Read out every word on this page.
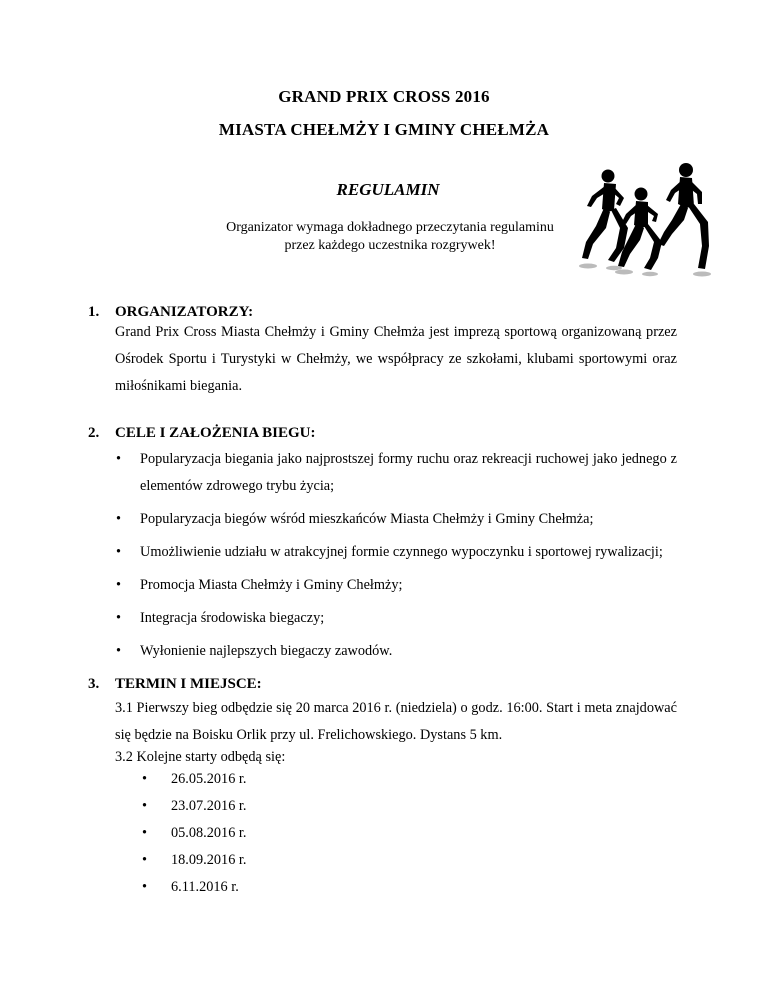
GRAND PRIX CROSS 2016
MIASTA CHEŁMŻY I GMINY CHEŁMŻA
REGULAMIN
Organizator wymaga dokładnego przeczytania regulaminu
przez każdego uczestnika rozgrywek!
1. ORGANIZATORZY:
Grand Prix Cross Miasta Chełmży i Gminy Chełmża jest imprezą sportową organizowaną przez Ośrodek Sportu i Turystyki w Chełmży, we współpracy ze szkołami, klubami sportowymi oraz miłośnikami biegania.
2. CELE I ZAŁOŻENIA BIEGU:
• Popularyzacja biegania jako najprostszej formy ruchu oraz rekreacji ruchowej jako jednego z elementów zdrowego trybu życia;
• Popularyzacja biegów wśród mieszkańców Miasta Chełmży i Gminy Chełmża;
• Umożliwienie udziału w atrakcyjnej formie czynnego wypoczynku i sportowej rywalizacji;
• Promocja Miasta Chełmży i Gminy Chełmży;
• Integracja środowiska biegaczy;
• Wyłonienie najlepszych biegaczy zawodów.
3. TERMIN I MIEJSCE:
3.1 Pierwszy bieg odbędzie się 20 marca 2016 r. (niedziela) o godz. 16:00. Start i meta znajdować się będzie na Boisku Orlik przy ul. Frelichowskiego. Dystans 5 km.
3.2 Kolejne starty odbędą się:
• 26.05.2016 r.
• 23.07.2016 r.
• 05.08.2016 r.
• 18.09.2016 r.
• 6.11.2016 r.
